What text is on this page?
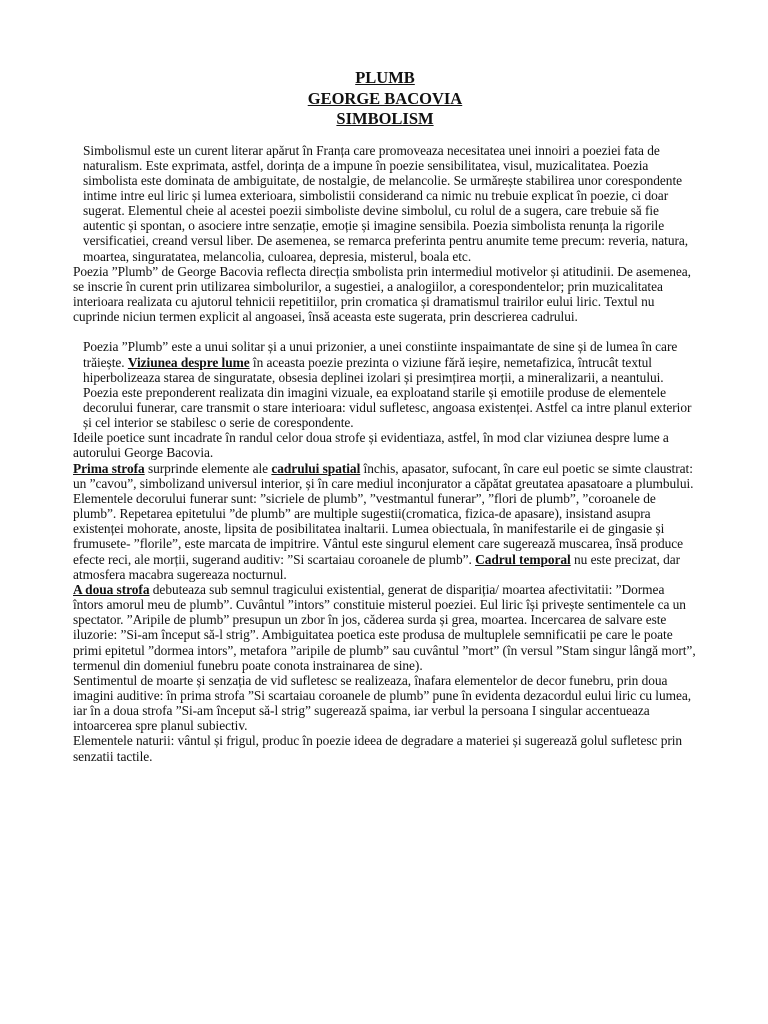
PLUMB
GEORGE BACOVIA
SIMBOLISM

Simbolismul este un curent literar apărut în Franța care promoveaza necesitatea unei innoiri a poeziei fata de naturalism. Este exprimata, astfel, dorința de a impune în poezie sensibilitatea, visul, muzicalitatea. Poezia simbolista este dominata de ambiguitate, de nostalgie, de melancolie. Se urmărește stabilirea unor corespondente intime intre eul liric și lumea exterioara, simbolistii considerand ca nimic nu trebuie explicat în poezie, ci doar sugerat. Elementul cheie al acestei poezii simboliste devine simbolul, cu rolul de a sugera, care trebuie să fie autentic și spontan, o asociere intre senzație, emoție și imagine sensibila. Poezia simbolista renunța la rigorile versificatiei, creand versul liber. De asemenea, se remarca preferinta pentru anumite teme precum: reveria, natura, moartea, singuratatea, melancolia, culoarea, depresia, misterul, boala etc.

Poezia ”Plumb” de George Bacovia reflecta direcția smbolista prin intermediul motivelor și atitudinii. De asemenea, se inscrie în curent prin utilizarea simbolurilor, a sugestiei, a analogiilor, a corespondentelor; prin muzicalitatea interioara realizata cu ajutorul tehnicii repetitiilor, prin cromatica și dramatismul trairilor eului liric. Textul nu cuprinde niciun termen explicit al angoasei, însă aceasta este sugerata, prin descrierea cadrului.

Poezia ”Plumb” este a unui solitar și a unui prizonier, a unei constiinte inspaimantate de sine și de lumea în care trăiește. Viziunea despre lume în aceasta poezie prezinta o viziune fără ieșire, nemetafizica, întrucât textul hiperbolizeaza starea de singuratate, obsesia deplinei izolari și presimțirea morții, a mineralizarii, a neantului. Poezia este preponderent realizata din imagini vizuale, ea exploatand starile și emotiile produse de elementele decorului funerar, care transmit o stare interioara: vidul sufletesc, angoasa existenței. Astfel ca intre planul exterior și cel interior se stabilesc o serie de corespondente.

Ideile poetice sunt incadrate în randul celor doua strofe și evidentiaza, astfel, în mod clar viziunea despre lume a autorului George Bacovia.

Prima strofa surprinde elemente ale cadrului spatial închis, apasator, sufocant, în care eul poetic se simte claustrat: un ”cavou”, simbolizand universul interior, și în care mediul inconjurator a căpătat greutatea apasatoare a plumbului. Elementele decorului funerar sunt: ”sicriele de plumb”, ”vestmantul funerar”, ”flori de plumb”, ”coroanele de plumb”. Repetarea epitetului ”de plumb” are multiple sugestii(cromatica, fizica-de apasare), insistand asupra existenței mohorate, anoste, lipsita de posibilitatea inaltarii. Lumea obiectuala, în manifestarile ei de gingasie și frumusete- ”florile”, este marcata de impitrire. Vântul este singurul element care sugerează muscarea, însă produce efecte reci, ale morții, sugerand auditiv: ”Si scartaiau coroanele de plumb”. Cadrul temporal nu este precizat, dar atmosfera macabra sugereaza nocturnul.

A doua strofa debuteaza sub semnul tragicului existential, generat de dispariția/ moartea afectivitatii: ”Dormea întors amorul meu de plumb”. Cuvântul ”intors” constituie misterul poeziei. Eul liric își privește sentimentele ca un spectator. ”Aripile de plumb” presupun un zbor în jos, căderea surda și grea, moartea. Incercarea de salvare este iluzorie: ”Si-am început să-l strig”. Ambiguitatea poetica este produsa de multuplele semnificatii pe care le poate primi epitetul ”dormea intors”, metafora ”aripile de plumb” sau cuvântul ”mort” (în versul ”Stam singur lângă mort”, termenul din domeniul funebru poate conota instrainarea de sine).

Sentimentul de moarte și senzația de vid sufletesc se realizeaza, înafara elementelor de decor funebru, prin doua imagini auditive: în prima strofa ”Si scartaiau coroanele de plumb” pune în evidenta dezacordul eului liric cu lumea, iar în a doua strofa ”Si-am început să-l strig” sugerează spaima, iar verbul la persoana I singular accentueaza intoarcerea spre planul subiectiv.

Elementele naturii: vântul și frigul, produc în poezie ideea de degradare a materiei și sugerează golul sufletesc prin senzatii tactile.
